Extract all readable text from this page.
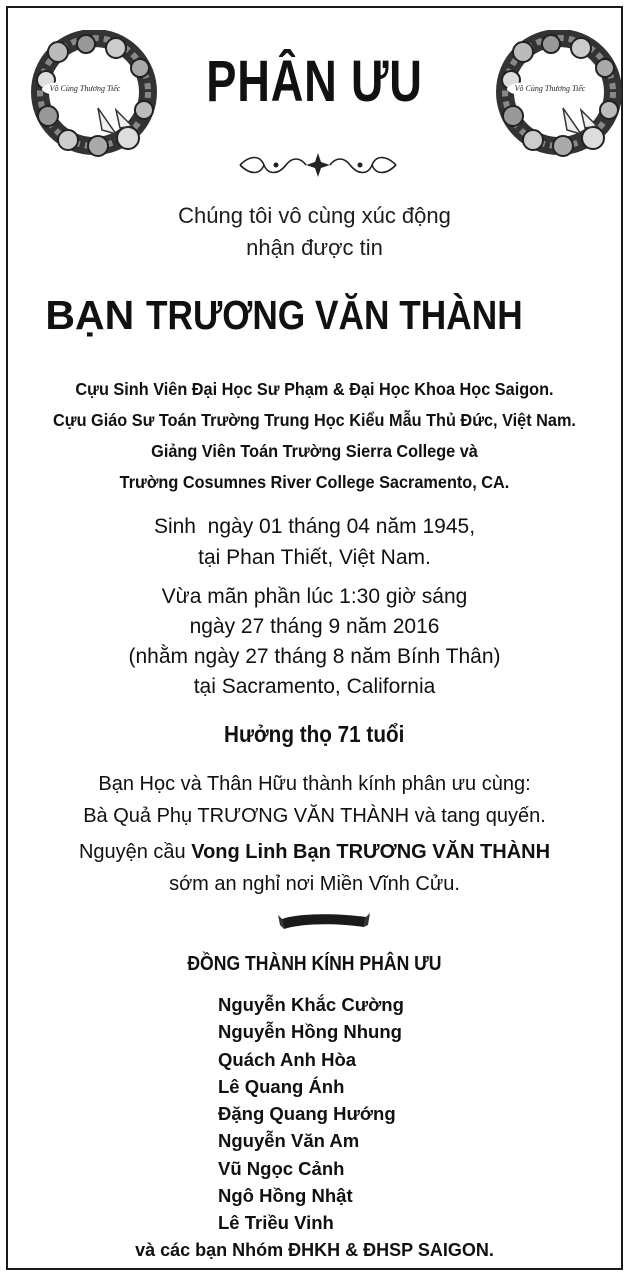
Vô Cùng Thương Tiếc	PHÂN ƯU	Vô Cùng Thương Tiếc
Chúng tôi vô cùng xúc động
nhận được tin
BẠN TRƯƠNG VĂN THÀNH
Cựu Sinh Viên Đại Học Sư Phạm & Đại Học Khoa Học Saigon.
Cựu Giáo Sư Toán Trường Trung Học Kiểu Mẫu Thủ Đức, Việt Nam.
Giảng Viên Toán Trường Sierra College và
Trường Cosumnes River College Sacramento, CA.
Sinh  ngày 01 tháng 04 năm 1945,
tại Phan Thiết, Việt Nam.
Vừa mãn phần lúc 1:30 giờ sáng
ngày 27 tháng 9 năm 2016
(nhằm ngày 27 tháng 8 năm Bính Thân)
tại Sacramento, California
Hưởng thọ 71 tuổi
Bạn Học và Thân Hữu thành kính phân ưu cùng:
Bà Quả Phụ TRƯƠNG VĂN THÀNH và tang quyến.
Nguyện cầu Vong Linh Bạn TRƯƠNG VĂN THÀNH
sớm an nghỉ nơi Miền Vĩnh Cửu.
ĐỒNG THÀNH KÍNH PHÂN ƯU
Nguyễn Khắc Cường
Nguyễn Hồng Nhung
Quách Anh Hòa
Lê Quang Ánh
Đặng Quang Hướng
Nguyễn Văn Am
Vũ Ngọc Cảnh
Ngô Hồng Nhật
Lê Triều Vinh
và các bạn Nhóm ĐHKH & ĐHSP SAIGON.
